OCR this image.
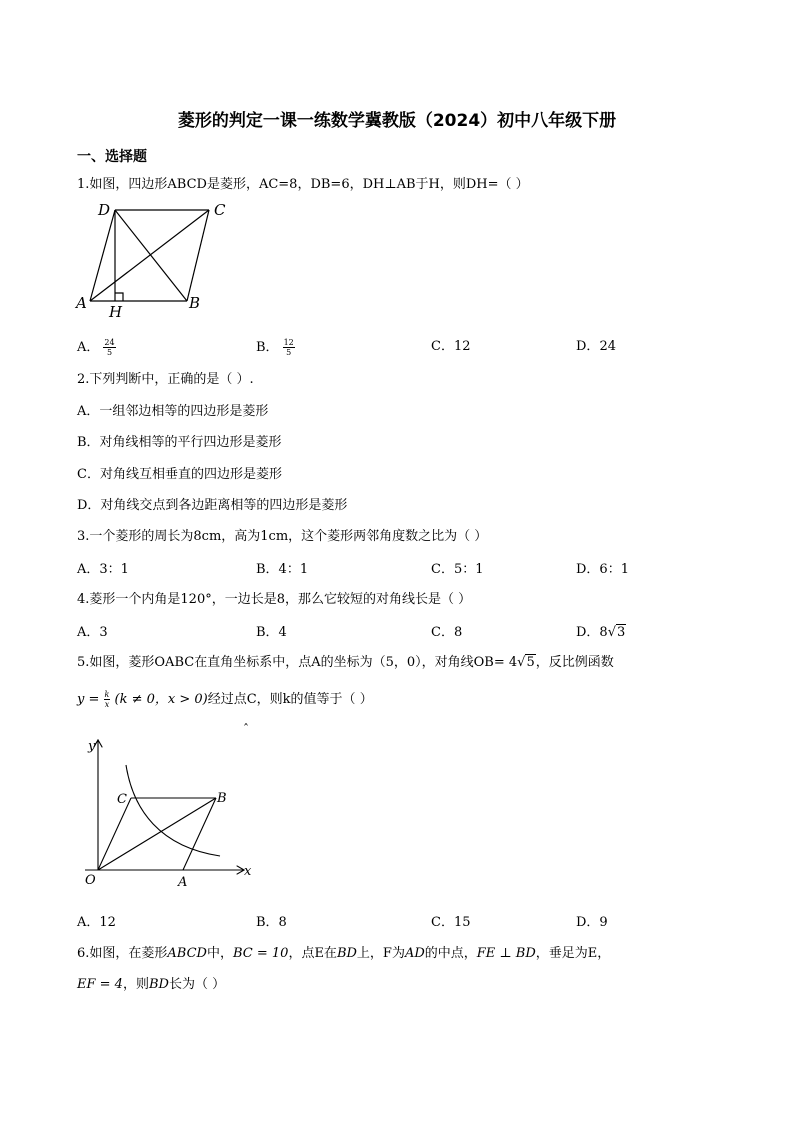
菱形的判定一课一练数学冀教版（2024）初中八年级下册
一、选择题
1.如图，四边形ABCD是菱形，AC=8，DB=6，DH⊥AB于H，则DH=（ ）
D	C
A	B
H
A． $\frac{24}{5}$	B． $\frac{12}{5}$	C．12	D．24
2.下列判断中，正确的是（ ）.
A．一组邻边相等的四边形是菱形
B．对角线相等的平行四边形是菱形
C．对角线互相垂直的四边形是菱形
D．对角线交点到各边距离相等的四边形是菱形
3.一个菱形的周长为8cm，高为1cm，这个菱形两邻角度数之比为（ ）
A．3：1	B．4：1	C．5：1	D．6：1
4.菱形一个内角是120°，一边长是8，那么它较短的对角线长是（ ）
A．3	B．4	C．8	D．8√3
5.如图，菱形OABC在直角坐标系中，点A的坐标为（5，0），对角线OB= 4√5，反比例函数
$y = \frac{k}{x} (k \ne 0$，x > 0)经过点C，则k的值等于（ ）
ˆ
y
x
O	A
B
C
A．12	B．8	C．15	D．9
6.如图，在菱形ABCD中，BC = 10，点E在BD上，F为AD的中点，FE ⊥ BD，垂足为E，
EF = 4，则BD长为（ ）
